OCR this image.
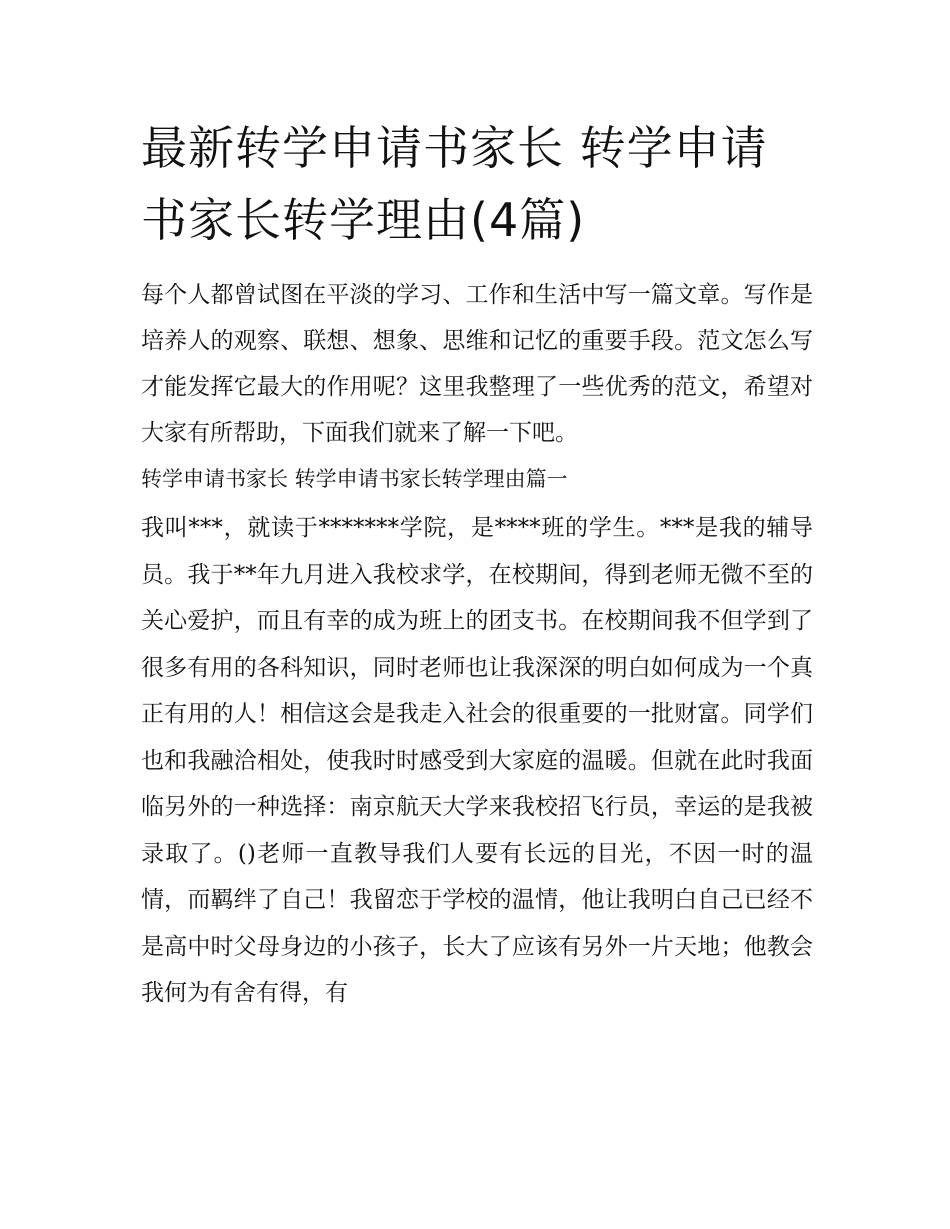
最新转学申请书家长 转学申请书家长转学理由(4篇)

每个人都曾试图在平淡的学习、工作和生活中写一篇文章。写作是培养人的观察、联想、想象、思维和记忆的重要手段。范文怎么写才能发挥它最大的作用呢？这里我整理了一些优秀的范文，希望对大家有所帮助，下面我们就来了解一下吧。

转学申请书家长 转学申请书家长转学理由篇一

我叫***，就读于*******学院，是****班的学生。***是我的辅导员。我于**年九月进入我校求学，在校期间，得到老师无微不至的关心爱护，而且有幸的成为班上的团支书。在校期间我不但学到了很多有用的各科知识，同时老师也让我深深的明白如何成为一个真正有用的人！相信这会是我走入社会的很重要的一批财富。同学们也和我融洽相处，使我时时感受到大家庭的温暖。但就在此时我面临另外的一种选择：南京航天大学来我校招飞行员，幸运的是我被录取了。()老师一直教导我们人要有长远的目光，不因一时的温情，而羁绊了自己！我留恋于学校的温情，他让我明白自己已经不是高中时父母身边的小孩子，长大了应该有另外一片天地；他教会我何为有舍有得，有
